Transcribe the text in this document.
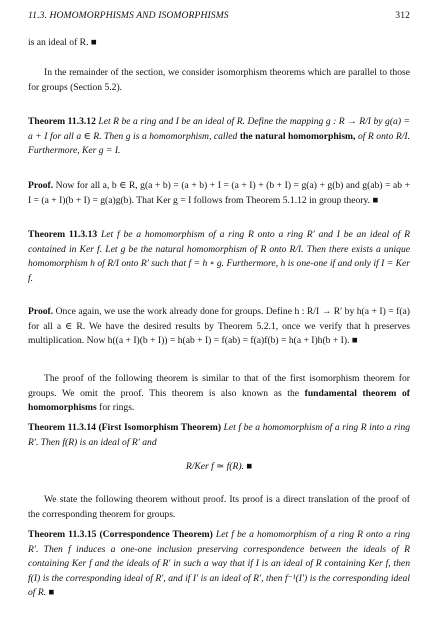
11.3. HOMOMORPHISMS AND ISOMORPHISMS	312
is an ideal of R. ■
In the remainder of the section, we consider isomorphism theorems which are parallel to those for groups (Section 5.2).
Theorem 11.3.12 Let R be a ring and I be an ideal of R. Define the mapping g : R → R/I by g(a) = a + I for all a ∈ R. Then g is a homomorphism, called the natural homomorphism, of R onto R/I. Furthermore, Ker g = I.
Proof. Now for all a, b ∈ R, g(a + b) = (a + b) + I = (a + I) + (b + I) = g(a) + g(b) and g(ab) = ab + I = (a + I)(b + I) = g(a)g(b). That Ker g = I follows from Theorem 5.1.12 in group theory. ■
Theorem 11.3.13 Let f be a homomorphism of a ring R onto a ring R′ and I be an ideal of R contained in Ker f. Let g be the natural homomorphism of R onto R/I. Then there exists a unique homomorphism h of R/I onto R′ such that f = h ∘ g. Furthermore, h is one-one if and only if I = Ker f.
Proof. Once again, we use the work already done for groups. Define h : R/I → R′ by h(a + I) = f(a) for all a ∈ R. We have the desired results by Theorem 5.2.1, once we verify that h preserves multiplication. Now h((a + I)(b + I)) = h(ab + I) = f(ab) = f(a)f(b) = h(a + I)h(b + I). ■
The proof of the following theorem is similar to that of the first isomorphism theorem for groups. We omit the proof. This theorem is also known as the fundamental theorem of homomorphisms for rings.
Theorem 11.3.14 (First Isomorphism Theorem) Let f be a homomorphism of a ring R into a ring R′. Then f(R) is an ideal of R′ and
R/Ker f ≃ f(R). ■
We state the following theorem without proof. Its proof is a direct translation of the proof of the corresponding theorem for groups.
Theorem 11.3.15 (Correspondence Theorem) Let f be a homomorphism of a ring R onto a ring R′. Then f induces a one-one inclusion preserving correspondence between the ideals of R containing Ker f and the ideals of R′ in such a way that if I is an ideal of R containing Ker f, then f(I) is the corresponding ideal of R′, and if I′ is an ideal of R′, then f⁻¹(I′) is the corresponding ideal of R. ■
